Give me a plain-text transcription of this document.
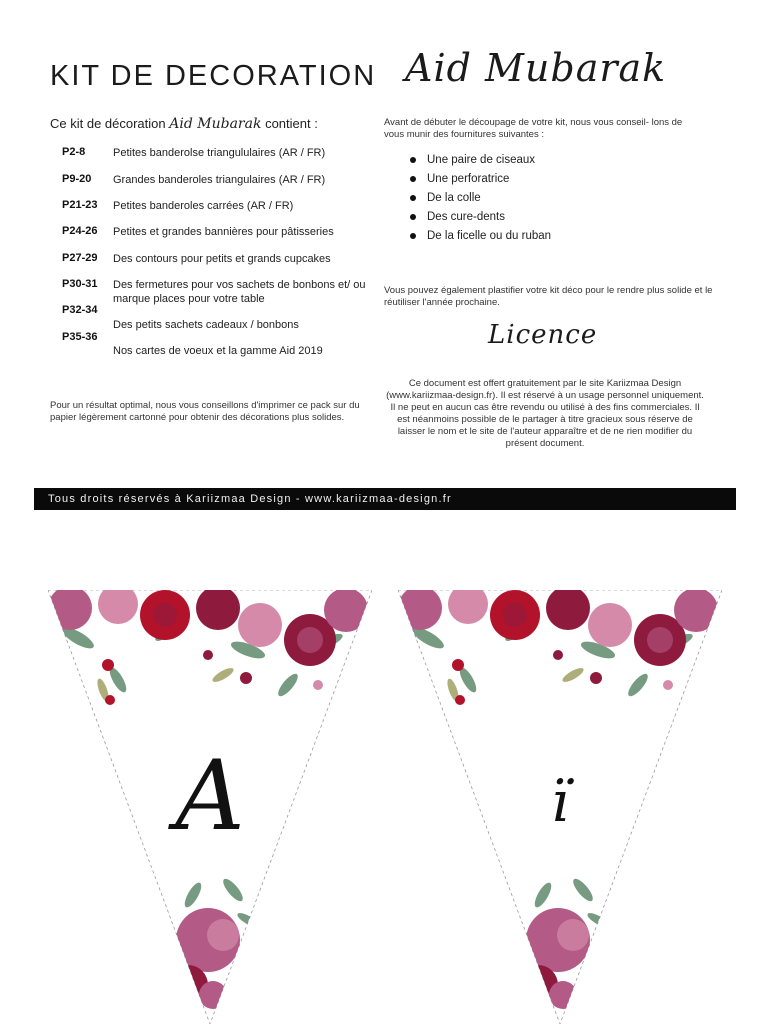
KIT DE DECORATION Aid Mubarak
Ce kit de décoration Aid Mubarak contient :
P2-8	Petites banderolse triangululaires (AR / FR)
P9-20 Grandes banderoles triangulaires (AR / FR)
P21-23 Petites banderoles carrées (AR / FR)
P24-26 Petites et grandes bannières pour pâtisseries
P27-29 Des contours pour petits et grands cupcakes
P30-31 Des fermetures pour vos sachets de bonbons et/ ou marque places pour votre table
P32-34
Des petits sachets cadeaux / bonbons
P35-36
Nos cartes de voeux et la gamme Aid 2019
Pour un résultat optimal, nous vous conseillons d'imprimer ce pack sur du papier légèrement cartonné pour obtenir des décorations plus solides.
Avant de débuter le découpage de votre kit, nous vous conseil- lons de vous munir des fournitures suivantes :
Une paire de ciseaux
Une perforatrice
De la colle
Des cure-dents
De la ficelle ou du ruban
Vous pouvez également plastifier votre kit déco pour le rendre plus solide et le réutiliser l'année prochaine.
Licence
Ce document est offert gratuitement par le site Kariizmaa Design (www.kariizmaa-design.fr). Il est réservé à un usage personnel uniquement. Il ne peut en aucun cas être revendu ou utilisé à des fins commerciales. Il est néanmoins possible de le partager à titre gracieux sous réserve de laisser le nom et le site de l'auteur apparaître et de ne rien modifier du présent document.
Tous droits réservés à Kariizmaa Design - www.kariizmaa-design.fr
A	ï
